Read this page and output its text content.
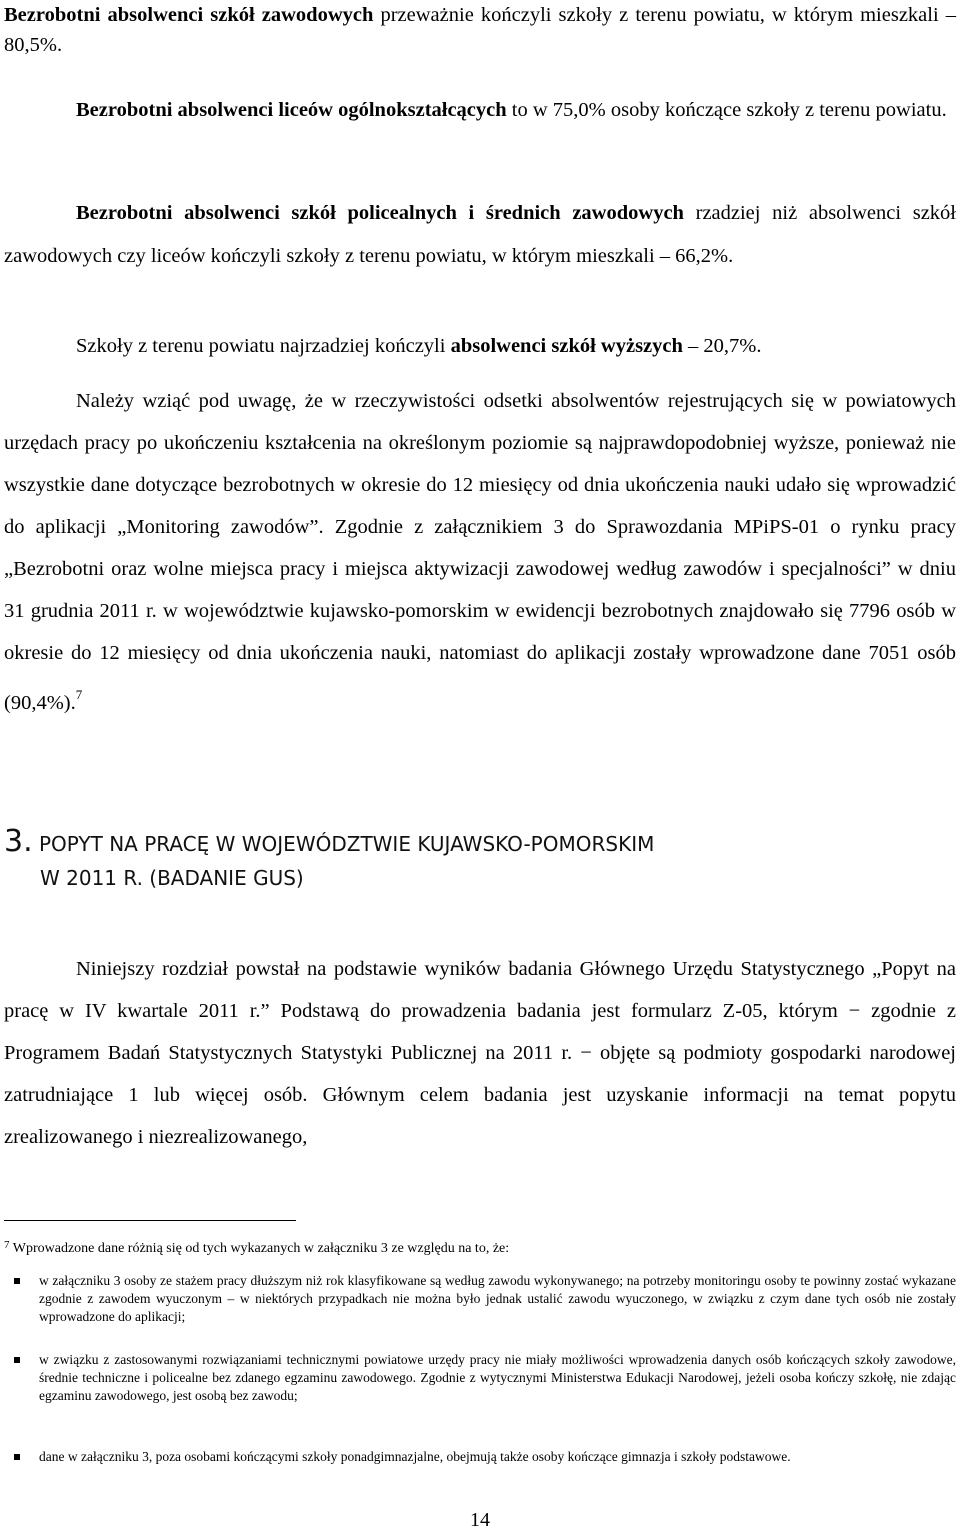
Bezrobotni absolwenci szkół zawodowych przeważnie kończyli szkoły z terenu powiatu, w którym mieszkali – 80,5%.

Bezrobotni absolwenci liceów ogólnokształcących to w 75,0% osoby kończące szkoły z terenu powiatu.

Bezrobotni absolwenci szkół policealnych i średnich zawodowych rzadziej niż absolwenci szkół zawodowych czy liceów kończyli szkoły z terenu powiatu, w którym mieszkali – 66,2%.

Szkoły z terenu powiatu najrzadziej kończyli absolwenci szkół wyższych – 20,7%.

Należy wziąć pod uwagę, że w rzeczywistości odsetki absolwentów rejestrujących się w powiatowych urzędach pracy po ukończeniu kształcenia na określonym poziomie są najprawdopodobniej wyższe, ponieważ nie wszystkie dane dotyczące bezrobotnych w okresie do 12 miesięcy od dnia ukończenia nauki udało się wprowadzić do aplikacji „Monitoring zawodów”. Zgodnie z załącznikiem 3 do Sprawozdania MPiPS-01 o rynku pracy „Bezrobotni oraz wolne miejsca pracy i miejsca aktywizacji zawodowej według zawodów i specjalności” w dniu 31 grudnia 2011 r. w województwie kujawsko-pomorskim w ewidencji bezrobotnych znajdowało się 7796 osób w okresie do 12 miesięcy od dnia ukończenia nauki, natomiast do aplikacji zostały wprowadzone dane 7051 osób (90,4%).$^7$

3. POPYT NA PRACĘ W WOJEWÓDZTWIE KUJAWSKO-POMORSKIM
W 2011 R. (BADANIE GUS)

Niniejszy rozdział powstał na podstawie wyników badania Głównego Urzędu Statystycznego „Popyt na pracę w IV kwartale 2011 r.” Podstawą do prowadzenia badania jest formularz Z-05, którym − zgodnie z Programem Badań Statystycznych Statystyki Publicznej na 2011 r. − objęte są podmioty gospodarki narodowej zatrudniające 1 lub więcej osób. Głównym celem badania jest uzyskanie informacji na temat popytu zrealizowanego i niezrealizowanego,

$^7$ Wprowadzone dane różnią się od tych wykazanych w załączniku 3 ze względu na to, że:

w załączniku 3 osoby ze stażem pracy dłuższym niż rok klasyfikowane są według zawodu wykonywanego; na potrzeby monitoringu osoby te powinny zostać wykazane zgodnie z zawodem wyuczonym – w niektórych przypadkach nie można było jednak ustalić zawodu wyuczonego, w związku z czym dane tych osób nie zostały wprowadzone do aplikacji;
w związku z zastosowanymi rozwiązaniami technicznymi powiatowe urzędy pracy nie miały możliwości wprowadzenia danych osób kończących szkoły zawodowe, średnie techniczne i policealne bez zdanego egzaminu zawodowego. Zgodnie z wytycznymi Ministerstwa Edukacji Narodowej, jeżeli osoba kończy szkołę, nie zdając egzaminu zawodowego, jest osobą bez zawodu;
dane w załączniku 3, poza osobami kończącymi szkoły ponadgimnazjalne, obejmują także osoby kończące gimnazja i szkoły podstawowe.
14
